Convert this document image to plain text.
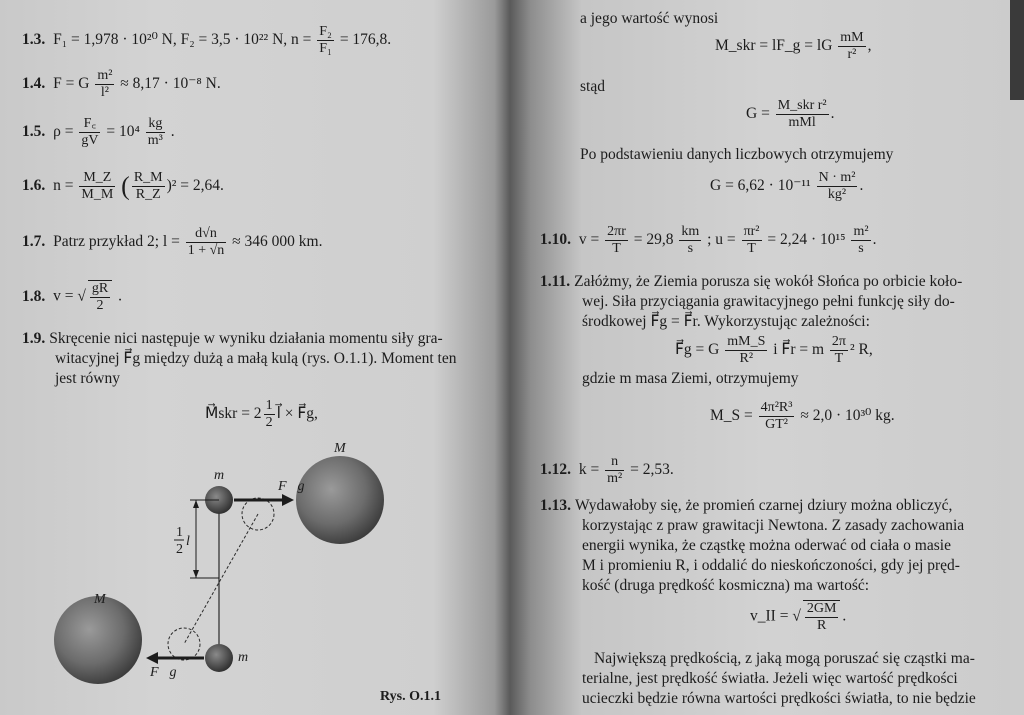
1.3. F₁ = 1,978 · 10²⁰ N, F₂ = 3,5 · 10²² N, $n = \frac{\text{F₂}}{\text{F₁}} = 176,8$.
1.4. F = G $\frac{\text{m²}}{\text{l²}} \approx 8,17 \cdot 10^{-8}$ N.
1.5. $\rho = \frac{F꜀}{gV} = 10^4 \frac{kg}{\text{m³}}$ .
1.6. $n = \frac{M\_Z}{M\_M}$ ( $\frac{R\_M}{R\_Z} )^2 = 2,64$.
1.7. Patrz przykład 2; $l = \frac{d√n}{1 + √n} \approx 346$ 000 km.
1.8. v = √ $\frac{gR}{2}$ .
1.9. Skręcenie nici następuje w wyniku działania momentu siły gra-
witacyjnej F⃗g między dużą a małą kulą (rys. O.1.1). Moment ten
jest równy
M⃗skr = $2 \frac{1}{2}$ l⃗ × F⃗g,
M
M
m
m
F⃗g
F⃗g
1
2
l
Rys. O.1.1
a jego wartość wynosi
M_skr = lF_g = lG $\frac{mM}{\text{r²}}$ ,
stąd
$G = \frac{\text{M\_skr r²}}{\text{mMl}}$ .
Po podstawieniu danych liczbowych otrzymujemy
$G = 6,62 \cdot 10^{-11} \frac{\text{N · m²}}{\text{kg²}}$ .
1.10. $v = \frac{2\pi r}{T} = 29,8 \frac{km}{s}$ ; $u = \frac{\text{πr²}}{T} = 2,24 \cdot 10^{15} \frac{\text{m²}}{s}$ .
1.11. Załóżmy, że Ziemia porusza się wokół Słońca po orbicie koło-
wej. Siła przyciągania grawitacyjnego pełni funkcję siły do-
środkowej F⃗g = F⃗r. Wykorzystując zależności:
F⃗g = G $\frac{mM\_S}{\text{R²}}$ i F⃗r = m $\frac{2\pi}{T} ^2$ R,
gdzie m masa Ziemi, otrzymujemy
M_S = $\frac{\text{4π²R³}}{\text{GT²}} \approx 2,0 \cdot 10^{30}$ kg.
1.12. $k = \frac{n}{\text{m²}} = 2,53$.
1.13. Wydawałoby się, że promień czarnej dziury można obliczyć,
korzystając z praw grawitacji Newtona. Z zasady zachowania
energii wynika, że cząstkę można oderwać od ciała o masie
M i promieniu R, i oddalić do nieskończoności, gdy jej pręd-
kość (druga prędkość kosmiczna) ma wartość:
v_II = √ $\frac{2GM}{R}$ .
Największą prędkością, z jaką mogą poruszać się cząstki ma-
terialne, jest prędkość światła. Jeżeli więc wartość prędkości
ucieczki będzie równa wartości prędkości światła, to nie będzie
